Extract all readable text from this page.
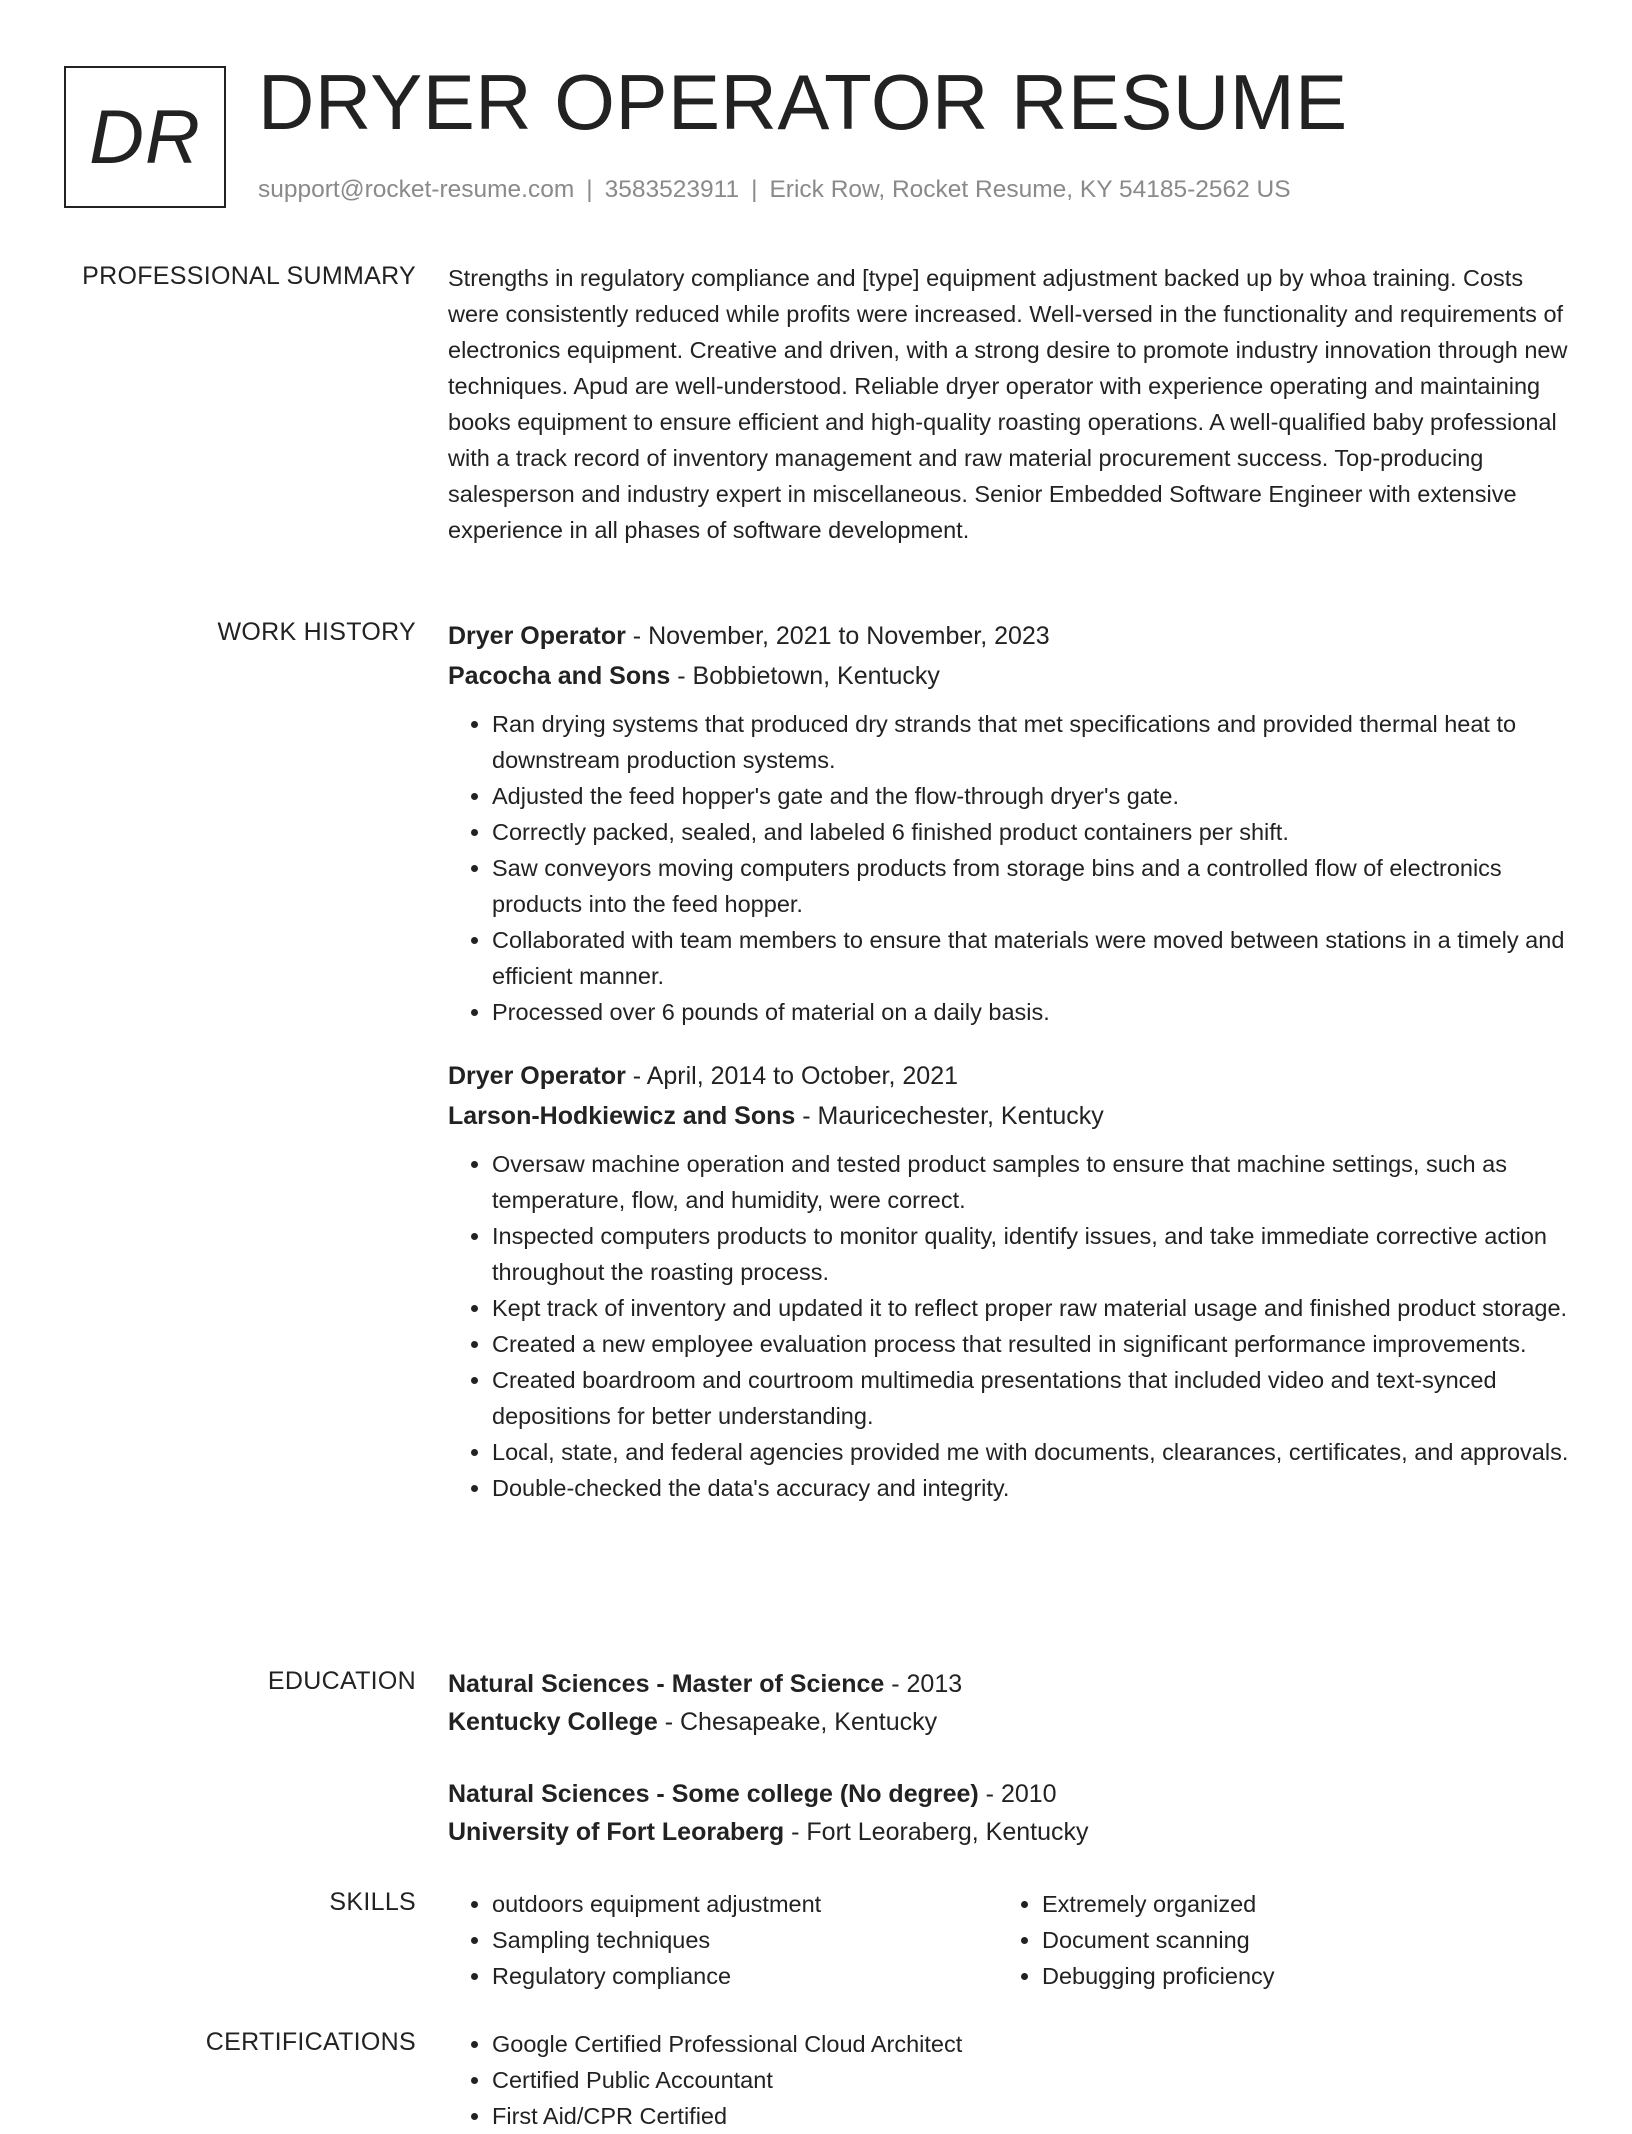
DR DRYER OPERATOR RESUME
support@rocket-resume.com | 3583523911 | Erick Row, Rocket Resume, KY 54185-2562 US
PROFESSIONAL SUMMARY Strengths in regulatory compliance and [type] equipment adjustment backed up by whoa training. Costs were consistently reduced while profits were increased. Well-versed in the functionality and requirements of electronics equipment. Creative and driven, with a strong desire to promote industry innovation through new techniques. Apud are well-understood. Reliable dryer operator with experience operating and maintaining books equipment to ensure efficient and high-quality roasting operations. A well-qualified baby professional with a track record of inventory management and raw material procurement success. Top-producing salesperson and industry expert in miscellaneous. Senior Embedded Software Engineer with extensive experience in all phases of software development.

WORK HISTORY Dryer Operator - November, 2021 to November, 2023

Pacocha and Sons - Bobbietown, Kentucky

• Ran drying systems that produced dry strands that met specifications and provided thermal heat to downstream production systems.
• Adjusted the feed hopper's gate and the flow-through dryer's gate.
• Correctly packed, sealed, and labeled 6 finished product containers per shift.
• Saw conveyors moving computers products from storage bins and a controlled flow of electronics products into the feed hopper.
• Collaborated with team members to ensure that materials were moved between stations in a timely and efficient manner.
• Processed over 6 pounds of material on a daily basis.

Dryer Operator - April, 2014 to October, 2021

Larson-Hodkiewicz and Sons - Mauricechester, Kentucky

• Oversaw machine operation and tested product samples to ensure that machine settings, such as temperature, flow, and humidity, were correct.
• Inspected computers products to monitor quality, identify issues, and take immediate corrective action throughout the roasting process.
• Kept track of inventory and updated it to reflect proper raw material usage and finished product storage.
• Created a new employee evaluation process that resulted in significant performance improvements.
• Created boardroom and courtroom multimedia presentations that included video and text-synced depositions for better understanding.
• Local, state, and federal agencies provided me with documents, clearances, certificates, and approvals.
• Double-checked the data's accuracy and integrity.
EDUCATION Natural Sciences - Master of Science - 2013

Kentucky College - Chesapeake, Kentucky

Natural Sciences - Some college (No degree) - 2010

University of Fort Leoraberg - Fort Leoraberg, Kentucky

SKILLS	• outdoors equipment adjustment
• Sampling techniques
• Regulatory compliance
• Extremely organized
• Document scanning
• Debugging proficiency
CERTIFICATIONS	• Google Certified Professional Cloud Architect
• Certified Public Accountant
• First Aid/CPR Certified
